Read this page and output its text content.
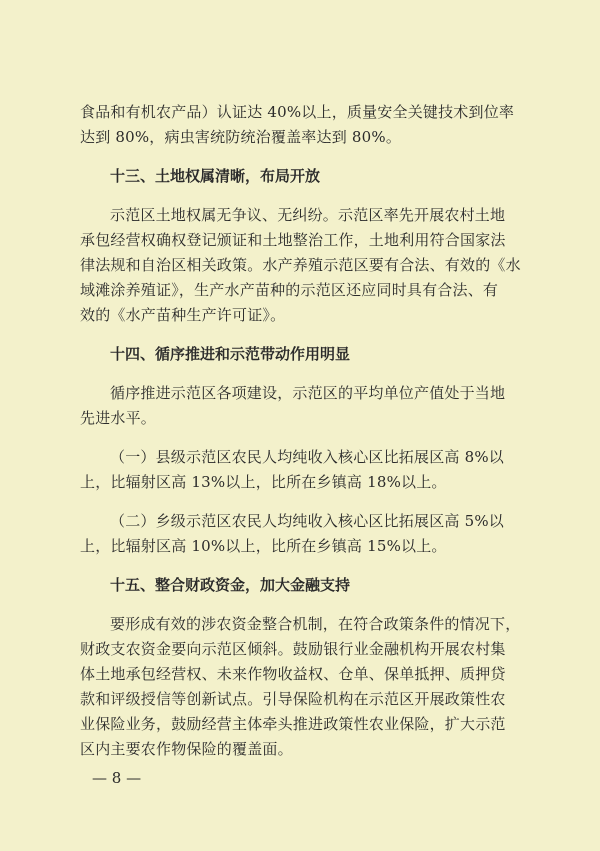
食品和有机农产品）认证达 40%以上，质量安全关键技术到位率
达到 80%，病虫害统防统治覆盖率达到 80%。
十三、土地权属清晰，布局开放
示范区土地权属无争议、无纠纷。示范区率先开展农村土地
承包经营权确权登记颁证和土地整治工作，土地利用符合国家法
律法规和自治区相关政策。水产养殖示范区要有合法、有效的《水
域滩涂养殖证》，生产水产苗种的示范区还应同时具有合法、有
效的《水产苗种生产许可证》。
十四、循序推进和示范带动作用明显
循序推进示范区各项建设，示范区的平均单位产值处于当地
先进水平。
（一）县级示范区农民人均纯收入核心区比拓展区高 8%以
上，比辐射区高 13%以上，比所在乡镇高 18%以上。
（二）乡级示范区农民人均纯收入核心区比拓展区高 5%以
上，比辐射区高 10%以上，比所在乡镇高 15%以上。
十五、整合财政资金，加大金融支持
要形成有效的涉农资金整合机制，在符合政策条件的情况下，
财政支农资金要向示范区倾斜。鼓励银行业金融机构开展农村集
体土地承包经营权、未来作物收益权、仓单、保单抵押、质押贷
款和评级授信等创新试点。引导保险机构在示范区开展政策性农
业保险业务，鼓励经营主体牵头推进政策性农业保险，扩大示范
区内主要农作物保险的覆盖面。
— 8 —
